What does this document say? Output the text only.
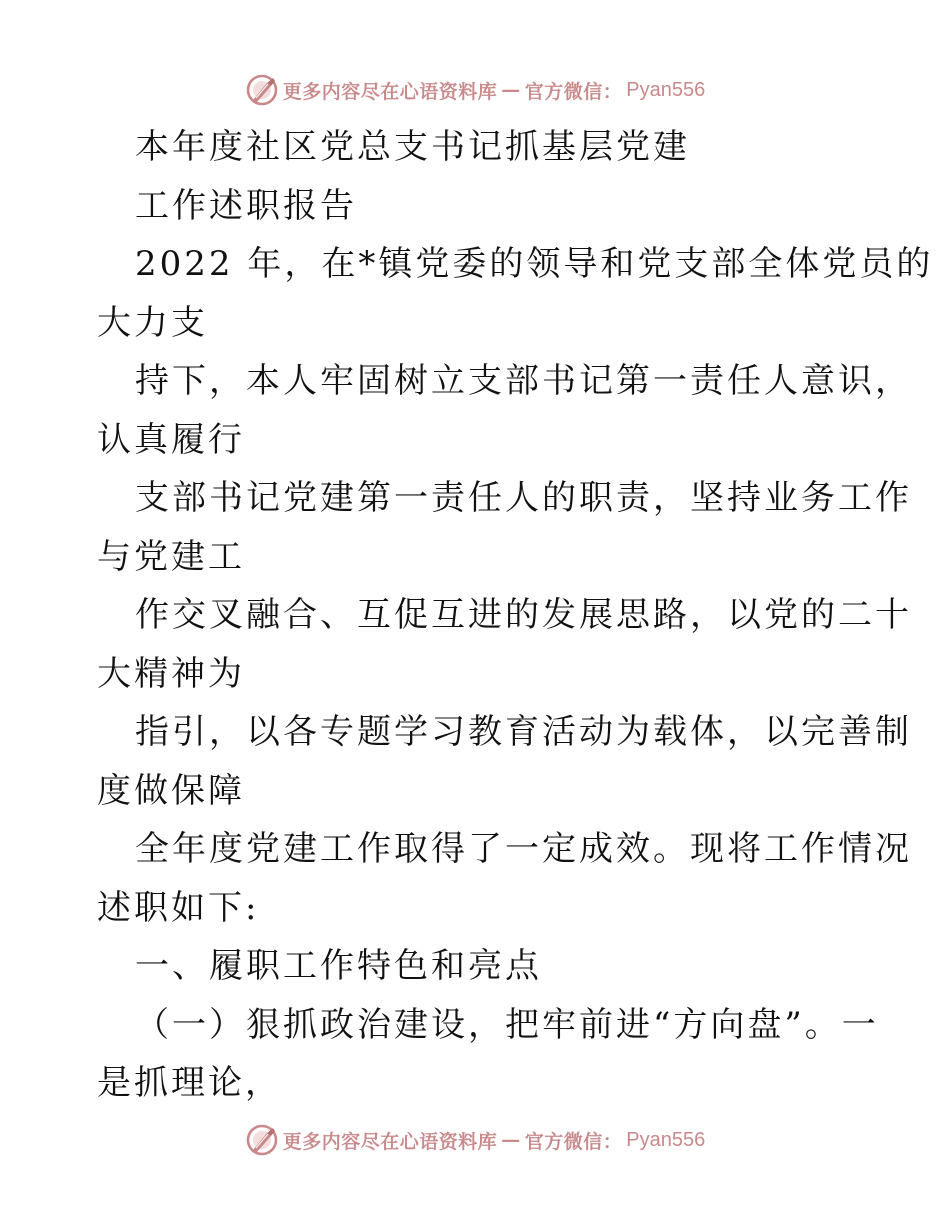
更多内容尽在心语资料库 — 官方微信： Pyan556
本年度社区党总支书记抓基层党建
工作述职报告
2022 年，在*镇党委的领导和党支部全体党员的
大力支
持下，本人牢固树立支部书记第一责任人意识，
认真履行
支部书记党建第一责任人的职责，坚持业务工作
与党建工
作交叉融合、互促互进的发展思路，以党的二十
大精神为
指引，以各专题学习教育活动为载体，以完善制
度做保障
全年度党建工作取得了一定成效。现将工作情况
述职如下:
一、履职工作特色和亮点
（一）狠抓政治建设，把牢前进“方向盘”。一
是抓理论，
更多内容尽在心语资料库 — 官方微信： Pyan556
